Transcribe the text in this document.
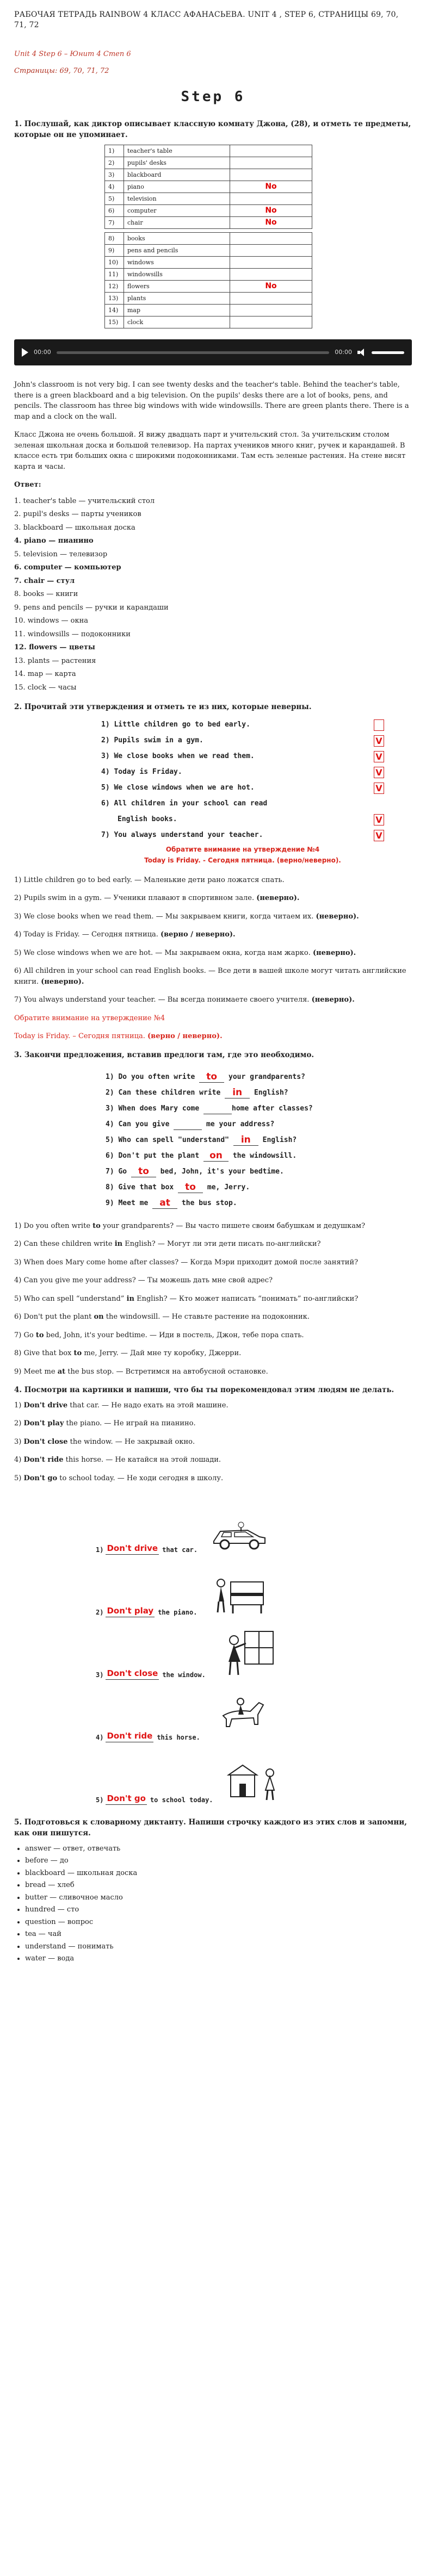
РАБОЧАЯ ТЕТРАДЬ RAINBOW 4 КЛАСС АФАНАСЬЕВА. UNIT 4 , STEP 6, СТРАНИЦЫ 69, 70, 71, 72
Unit 4 Step 6 – Юнит 4 Степ 6
Страницы: 69, 70, 71, 72
Step 6
1. Послушай, как диктор описывает классную комнату Джона, (28), и отметь те предметы, которые он не упоминает.
1)	teacher's table	
2)	pupils' desks	
3)	blackboard	
4)	piano	No
5)	television	
6)	computer	No
7)	chair	No

8)	books	
9)	pens and pencils	
10)	windows	
11)	windowsills	
12)	flowers	No
13)	plants	
14)	map	
15)	clock	
00:00	00:00

John's classroom is not very big. I can see twenty desks and the teacher's table. Behind the teacher's table, there is a green blackboard and a big television. On the pupils' desks there are a lot of books, pens, and pencils. The classroom has three big windows with wide windowsills. There are green plants there. There is a map and a clock on the wall.

Класс Джона не очень большой. Я вижу двадцать парт и учительский стол. За учительским столом зеленая школьная доска и большой телевизор. На партах учеников много книг, ручек и карандашей. В классе есть три больших окна с широкими подоконниками. Там есть зеленые растения. На стене висят карта и часы.

Ответ:
1. teacher's table — учительский стол
2. pupil's desks — парты учеников
3. blackboard — школьная доска
4. piano — пианино
5. television — телевизор
6. computer — компьютер
7. chair — стул
8. books — книги
9. pens and pencils — ручки и карандаши
10. windows — окна
11. windowsills — подоконники
12. flowers — цветы
13. plants — растения
14. map — карта
15. clock — часы
2. Прочитай эти утверждения и отметь те из них, которые неверны.
1) Little children go to bed early.
2) Pupils swim in a gym.	V
3) We close books when we read them.	V
4) Today is Friday.	V
5) We close windows when we are hot.	V
6) All children in your school can read
English books.	V
7) You always understand your teacher.	V
Обратите внимание на утверждение №4
Today is Friday. - Сегодня пятница. (верно/неверно).

1) Little children go to bed early. — Маленькие дети рано ложатся спать.

2) Pupils swim in a gym. — Ученики плавают в спортивном зале. (неверно).

3) We close books when we read them. — Мы закрываем книги, когда читаем их. (неверно).

4) Today is Friday. — Сегодня пятница. (верно / неверно).

5) We close windows when we are hot. — Мы закрываем окна, когда нам жарко. (неверно).

6) All children in your school can read English books. — Все дети в вашей школе могут читать английские книги. (неверно).

7) You always understand your teacher. — Вы всегда понимаете своего учителя. (неверно).

Обратите внимание на утверждение №4

Today is Friday. – Сегодня пятница. (верно / неверно).

3. Закончи предложения, вставив предлоги там, где это необходимо.
1) Do you often write to	your grandparents?
2) Can these children write in	English?
3) When does Mary come	home after classes?
4) Can you give	me your address?
5) Who can spell "understand" in	English?
6) Don't put the plant on the windowsill.
7) Go to	bed, John, it's your bedtime.
8) Give that box to	me, Jerry.
9) Meet me at	the bus stop.

1) Do you often write to your grandparents? — Вы часто пишете своим бабушкам и дедушкам?

2) Can these children write in English? — Могут ли эти дети писать по-английски?

3) When does Mary come home after classes? — Когда Мэри приходит домой после занятий?

4) Can you give me your address? — Ты можешь дать мне свой адрес?

5) Who can spell “understand” in English? — Кто может написать “понимать” по-английски?

6) Don't put the plant on the windowsill. — Не ставьте растение на подоконник.

7) Go to bed, John, it's your bedtime. — Иди в постель, Джон, тебе пора спать.

8) Give that box to me, Jerry. — Дай мне ту коробку, Джерри.

9) Meet me at the bus stop. — Встретимся на автобусной остановке.

4. Посмотри на картинки и напиши, что бы ты порекомендовал этим людям не делать.

1) Don't drive that car. — Не надо ехать на этой машине.

2) Don't play the piano. — Не играй на пианино.

3) Don't close the window. — Не закрывай окно.

4) Don't ride this horse. — Не катайся на этой лошади.

5) Don't go to school today. — Не ходи сегодня в школу.

1) Don't drive that car.
2) Don't play the piano.
3) Don't close the window.
4) Don't ride this horse.
5) Don't go to school today.
5. Подготовься к словарному диктанту. Напиши строчку каждого из этих слов и запомни, как они пишутся.
• answer — ответ, отвечать
• before — до
• blackboard — школьная доска
• bread — хлеб
• butter — сливочное масло
• hundred — сто
• question — вопрос
• tea — чай
• understand — понимать
• water — вода
